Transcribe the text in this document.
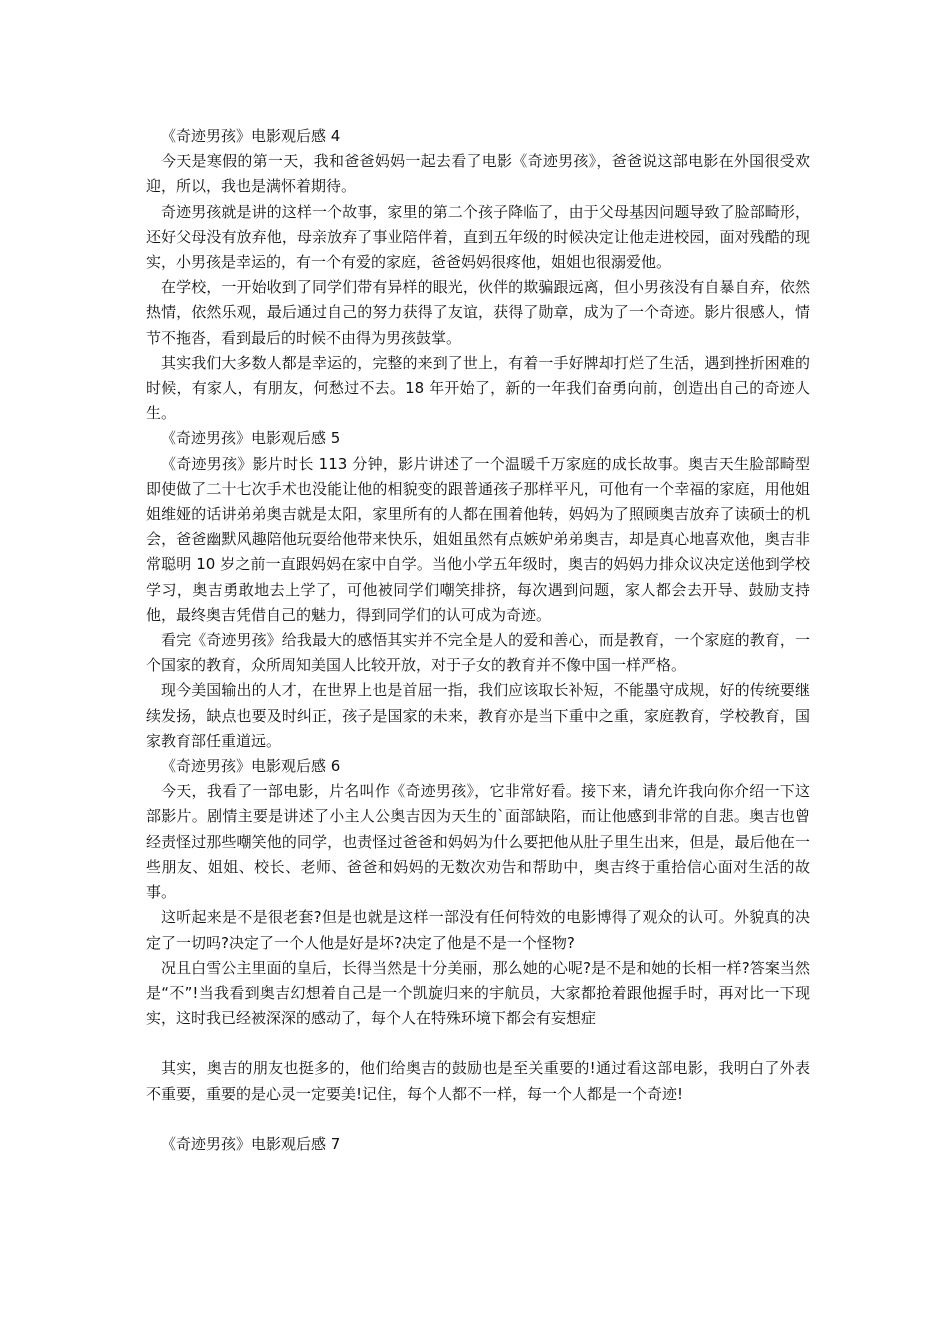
《奇迹男孩》电影观后感 4

今天是寒假的第一天，我和爸爸妈妈一起去看了电影《奇迹男孩》，爸爸说这部电影在外国很受欢迎，所以，我也是满怀着期待。

奇迹男孩就是讲的这样一个故事，家里的第二个孩子降临了，由于父母基因问题导致了脸部畸形，还好父母没有放弃他，母亲放弃了事业陪伴着，直到五年级的时候决定让他走进校园，面对残酷的现实，小男孩是幸运的，有一个有爱的家庭，爸爸妈妈很疼他，姐姐也很溺爱他。

在学校，一开始收到了同学们带有异样的眼光，伙伴的欺骗跟远离，但小男孩没有自暴自弃，依然热情，依然乐观，最后通过自己的努力获得了友谊，获得了勋章，成为了一个奇迹。影片很感人，情节不拖沓，看到最后的时候不由得为男孩鼓掌。

其实我们大多数人都是幸运的，完整的来到了世上，有着一手好牌却打烂了生活，遇到挫折困难的时候，有家人，有朋友，何愁过不去。18 年开始了，新的一年我们奋勇向前，创造出自己的奇迹人生。

《奇迹男孩》电影观后感 5

《奇迹男孩》影片时长 113 分钟，影片讲述了一个温暖千万家庭的成长故事。奥吉天生脸部畸型即使做了二十七次手术也没能让他的相貌变的跟普通孩子那样平凡，可他有一个幸福的家庭，用他姐姐维娅的话讲弟弟奥吉就是太阳，家里所有的人都在围着他转，妈妈为了照顾奥吉放弃了读硕士的机会，爸爸幽默风趣陪他玩耍给他带来快乐，姐姐虽然有点嫉妒弟弟奥吉，却是真心地喜欢他，奥吉非常聪明 10 岁之前一直跟妈妈在家中自学。当他小学五年级时，奥吉的妈妈力排众议决定送他到学校学习，奥吉勇敢地去上学了，可他被同学们嘲笑排挤，每次遇到问题，家人都会去开导、鼓励支持他，最终奥吉凭借自己的魅力，得到同学们的认可成为奇迹。

看完《奇迹男孩》给我最大的感悟其实并不完全是人的爱和善心，而是教育，一个家庭的教育，一个国家的教育，众所周知美国人比较开放，对于子女的教育并不像中国一样严格。

现今美国输出的人才，在世界上也是首屈一指，我们应该取长补短，不能墨守成规，好的传统要继续发扬，缺点也要及时纠正，孩子是国家的未来，教育亦是当下重中之重，家庭教育，学校教育，国家教育部任重道远。

《奇迹男孩》电影观后感 6

今天，我看了一部电影，片名叫作《奇迹男孩》，它非常好看。接下来，请允许我向你介绍一下这部影片。剧情主要是讲述了小主人公奥吉因为天生的`面部缺陷，而让他感到非常的自悲。奥吉也曾经责怪过那些嘲笑他的同学，也责怪过爸爸和妈妈为什么要把他从肚子里生出来，但是，最后他在一些朋友、姐姐、校长、老师、爸爸和妈妈的无数次劝告和帮助中，奥吉终于重拾信心面对生活的故事。

这听起来是不是很老套?但是也就是这样一部没有任何特效的电影博得了观众的认可。外貌真的决定了一切吗?决定了一个人他是好是坏?决定了他是不是一个怪物?

况且白雪公主里面的皇后，长得当然是十分美丽，那么她的心呢?是不是和她的长相一样?答案当然是“不”!当我看到奥吉幻想着自己是一个凯旋归来的宇航员，大家都抢着跟他握手时，再对比一下现实，这时我已经被深深的感动了，每个人在特殊环境下都会有妄想症

其实，奥吉的朋友也挺多的，他们给奥吉的鼓励也是至关重要的!通过看这部电影，我明白了外表不重要，重要的是心灵一定要美!记住，每个人都不一样，每一个人都是一个奇迹!

《奇迹男孩》电影观后感 7
